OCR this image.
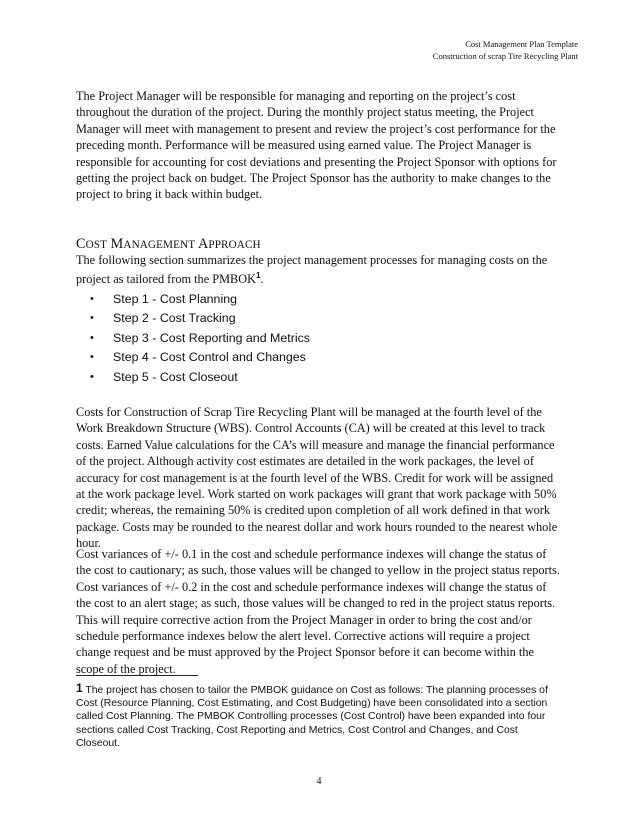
Cost Management Plan Template
Construction of scrap Tire Recycling Plant

The Project Manager will be responsible for managing and reporting on the project’s cost throughout the duration of the project. During the monthly project status meeting, the Project Manager will meet with management to present and review the project’s cost performance for the preceding month. Performance will be measured using earned value. The Project Manager is responsible for accounting for cost deviations and presenting the Project Sponsor with options for getting the project back on budget. The Project Sponsor has the authority to make changes to the project to bring it back within budget.

COST MANAGEMENT APPROACH

The following section summarizes the project management processes for managing costs on the project as tailored from the PMBOK$^1$.

• Step 1 - Cost Planning
• Step 2 - Cost Tracking
• Step 3 - Cost Reporting and Metrics
• Step 4 - Cost Control and Changes
• Step 5 - Cost Closeout

Costs for Construction of Scrap Tire Recycling Plant will be managed at the fourth level of the Work Breakdown Structure (WBS). Control Accounts (CA) will be created at this level to track costs. Earned Value calculations for the CA’s will measure and manage the financial performance of the project. Although activity cost estimates are detailed in the work packages, the level of accuracy for cost management is at the fourth level of the WBS. Credit for work will be assigned at the work package level. Work started on work packages will grant that work package with 50% credit; whereas, the remaining 50% is credited upon completion of all work defined in that work package. Costs may be rounded to the nearest dollar and work hours rounded to the nearest whole hour.

Cost variances of +/- 0.1 in the cost and schedule performance indexes will change the status of the cost to cautionary; as such, those values will be changed to yellow in the project status reports. Cost variances of +/- 0.2 in the cost and schedule performance indexes will change the status of the cost to an alert stage; as such, those values will be changed to red in the project status reports. This will require corrective action from the Project Manager in order to bring the cost and/or schedule performance indexes below the alert level. Corrective actions will require a project change request and be must approved by the Project Sponsor before it can become within the scope of the project.

1 The project has chosen to tailor the PMBOK guidance on Cost as follows: The planning processes of Cost (Resource Planning, Cost Estimating, and Cost Budgeting) have been consolidated into a section called Cost Planning. The PMBOK Controlling processes (Cost Control) have been expanded into four sections called Cost Tracking, Cost Reporting and Metrics, Cost Control and Changes, and Cost Closeout.

4
